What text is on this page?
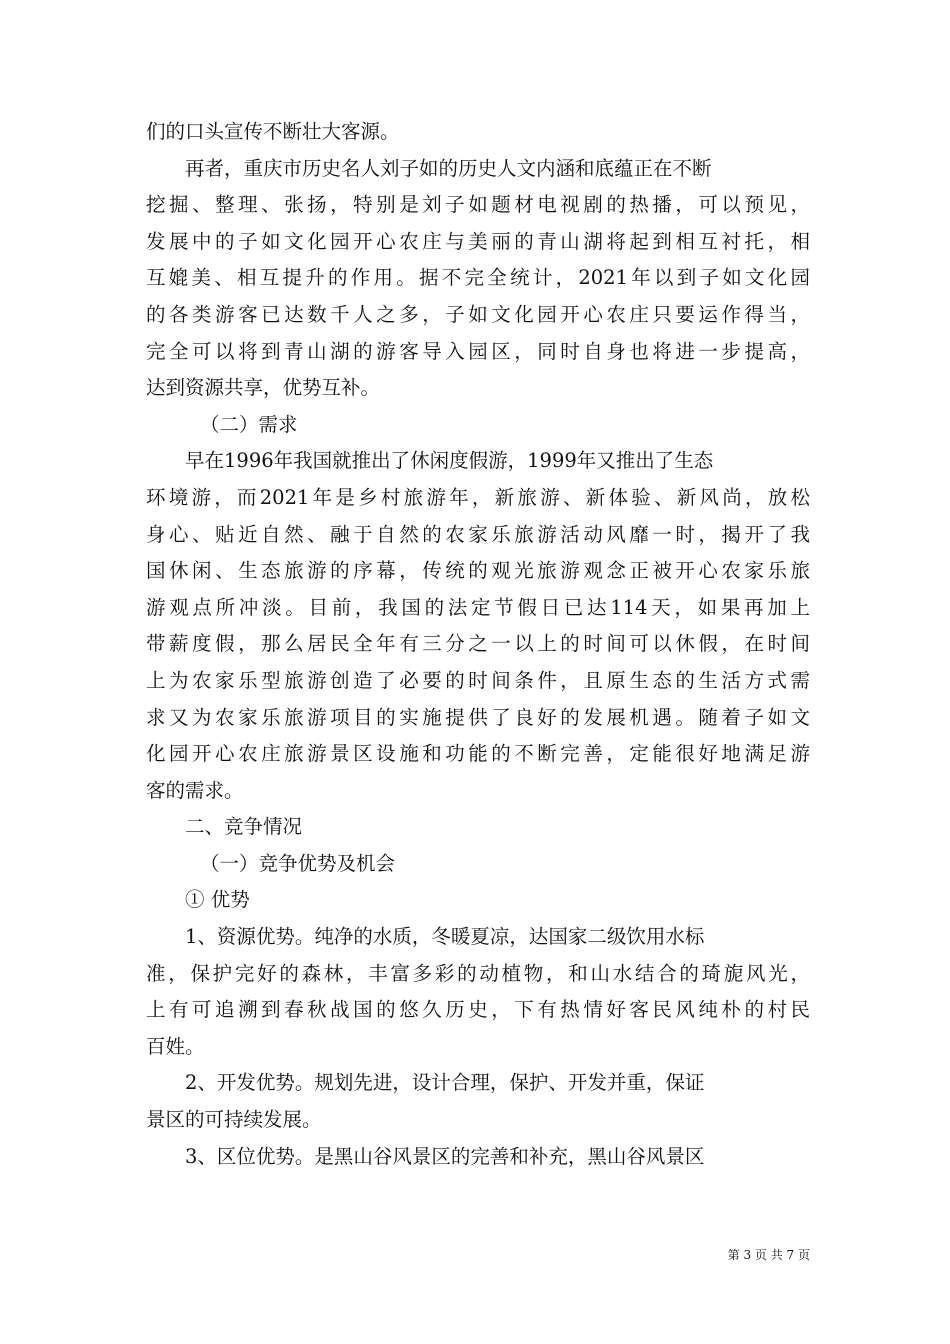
们的口头宣传不断壮大客源。
再者，重庆市历史名人刘子如的历史人文内涵和底蕴正在不断
挖掘、整理、张扬，特别是刘子如题材电视剧的热播，可以预见，
发展中的子如文化园开心农庄与美丽的青山湖将起到相互衬托，相
互媲美、相互提升的作用。据不完全统计，2021年以到子如文化园
的各类游客已达数千人之多，子如文化园开心农庄只要运作得当，
完全可以将到青山湖的游客导入园区，同时自身也将进一步提高，
达到资源共享，优势互补。
（二）需求
早在1996年我国就推出了休闲度假游，1999年又推出了生态
环境游，而2021年是乡村旅游年，新旅游、新体验、新风尚，放松
身心、贴近自然、融于自然的农家乐旅游活动风靡一时，揭开了我
国休闲、生态旅游的序幕，传统的观光旅游观念正被开心农家乐旅
游观点所冲淡。目前，我国的法定节假日已达114天，如果再加上
带薪度假，那么居民全年有三分之一以上的时间可以休假，在时间
上为农家乐型旅游创造了必要的时间条件，且原生态的生活方式需
求又为农家乐旅游项目的实施提供了良好的发展机遇。随着子如文
化园开心农庄旅游景区设施和功能的不断完善，定能很好地满足游
客的需求。
二、竞争情况
（一）竞争优势及机会
① 优势
1、资源优势。纯净的水质，冬暖夏凉，达国家二级饮用水标
准，保护完好的森林，丰富多彩的动植物，和山水结合的琦旎风光，
上有可追溯到春秋战国的悠久历史，下有热情好客民风纯朴的村民
百姓。
2、开发优势。规划先进，设计合理，保护、开发并重，保证
景区的可持续发展。
3、区位优势。是黑山谷风景区的完善和补充，黑山谷风景区
第 3 页 共 7 页
